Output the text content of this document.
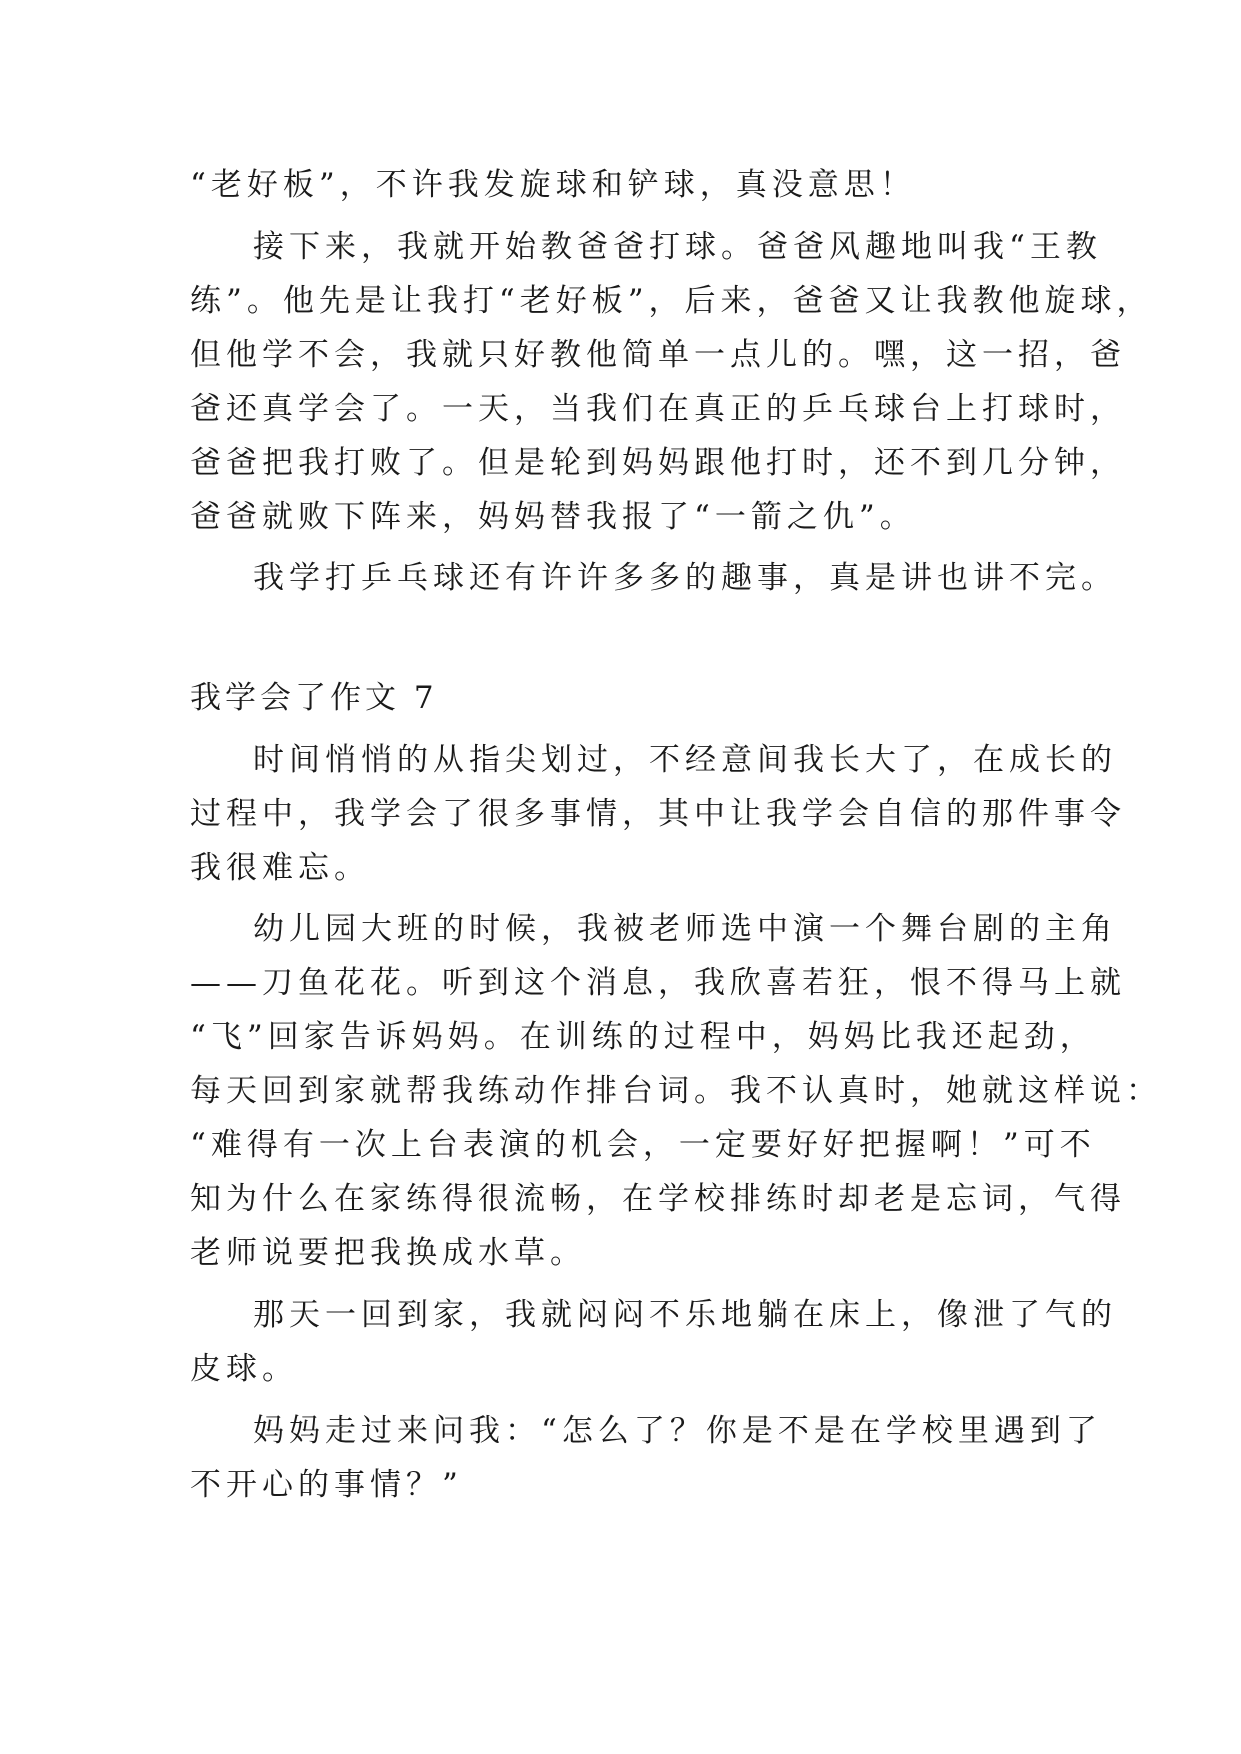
“老好板”，不许我发旋球和铲球，真没意思！
接下来，我就开始教爸爸打球。爸爸风趣地叫我“王教
练”。他先是让我打“老好板”，后来，爸爸又让我教他旋球，
但他学不会，我就只好教他简单一点儿的。嘿，这一招，爸
爸还真学会了。一天，当我们在真正的乒乓球台上打球时，
爸爸把我打败了。但是轮到妈妈跟他打时，还不到几分钟，
爸爸就败下阵来，妈妈替我报了“一箭之仇”。
我学打乒乓球还有许许多多的趣事，真是讲也讲不完。
我学会了作文 7
时间悄悄的从指尖划过，不经意间我长大了，在成长的
过程中，我学会了很多事情，其中让我学会自信的那件事令
我很难忘。
幼儿园大班的时候，我被老师选中演一个舞台剧的主角
——刀鱼花花。听到这个消息，我欣喜若狂，恨不得马上就
“飞”回家告诉妈妈。在训练的过程中，妈妈比我还起劲，
每天回到家就帮我练动作排台词。我不认真时，她就这样说：
“难得有一次上台表演的机会，一定要好好把握啊！”可不
知为什么在家练得很流畅，在学校排练时却老是忘词，气得
老师说要把我换成水草。
那天一回到家，我就闷闷不乐地躺在床上，像泄了气的
皮球。
妈妈走过来问我：“怎么了？你是不是在学校里遇到了
不开心的事情？”
